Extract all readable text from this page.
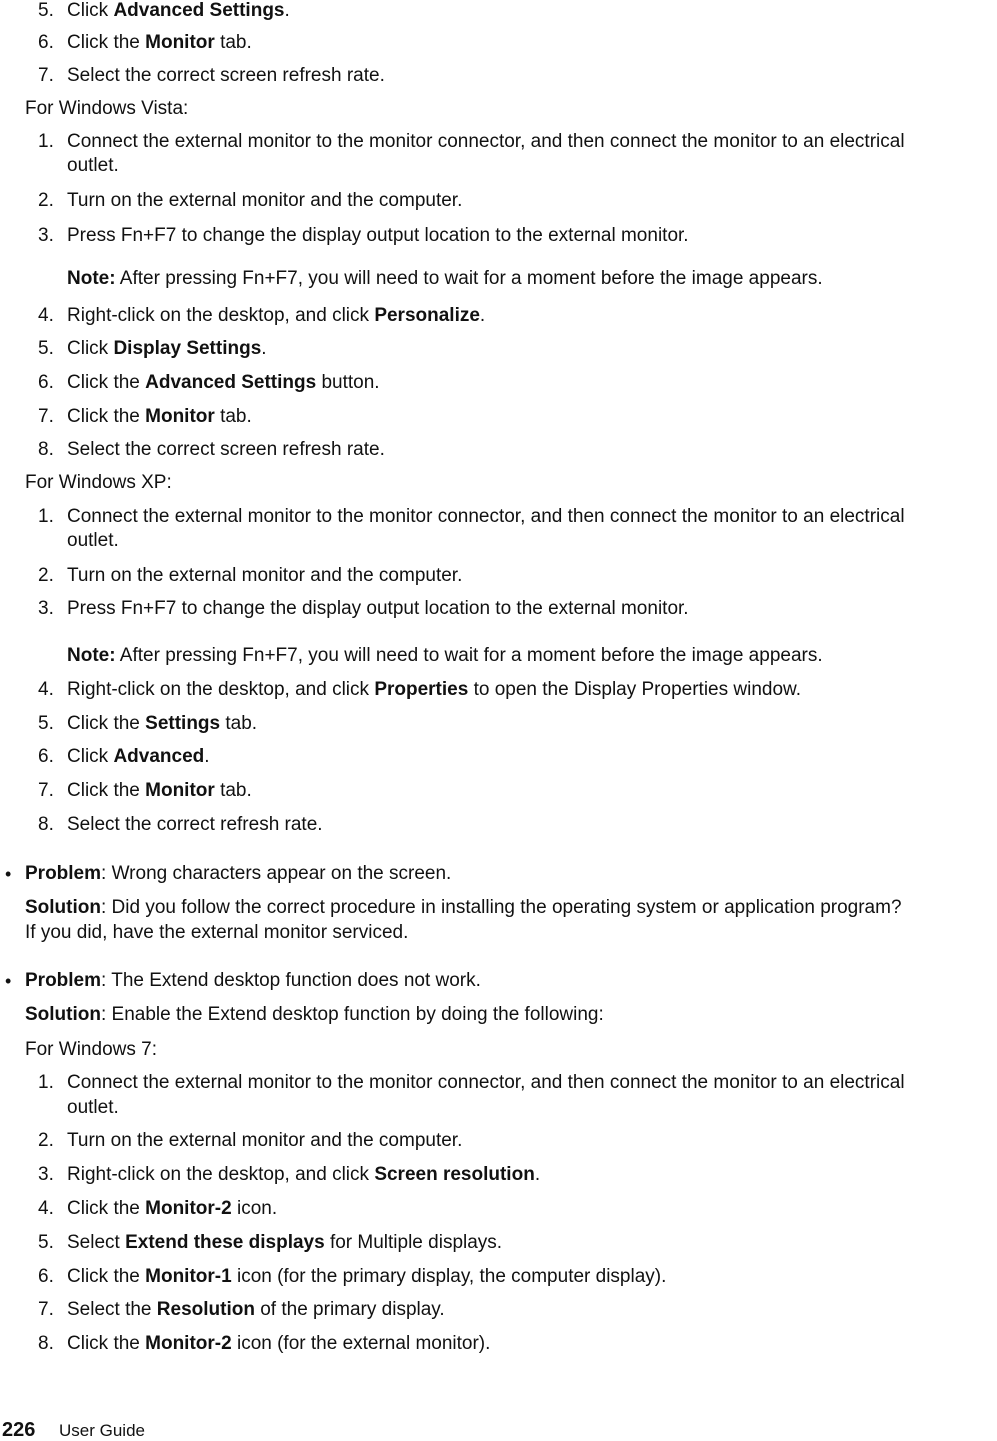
5. Click Advanced Settings.
6. Click the Monitor tab.
7. Select the correct screen refresh rate.
For Windows Vista:
1. Connect the external monitor to the monitor connector, and then connect the monitor to an electrical
outlet.
2. Turn on the external monitor and the computer.
3. Press Fn+F7 to change the display output location to the external monitor.
Note: After pressing Fn+F7, you will need to wait for a moment before the image appears.
4. Right-click on the desktop, and click Personalize.
5. Click Display Settings.
6. Click the Advanced Settings button.
7. Click the Monitor tab.
8. Select the correct screen refresh rate.
For Windows XP:
1. Connect the external monitor to the monitor connector, and then connect the monitor to an electrical
outlet.
2. Turn on the external monitor and the computer.
3. Press Fn+F7 to change the display output location to the external monitor.
Note: After pressing Fn+F7, you will need to wait for a moment before the image appears.
4. Right-click on the desktop, and click Properties to open the Display Properties window.
5. Click the Settings tab.
6. Click Advanced.
7. Click the Monitor tab.
8. Select the correct refresh rate.
• Problem: Wrong characters appear on the screen.
Solution: Did you follow the correct procedure in installing the operating system or application program?
If you did, have the external monitor serviced.
• Problem: The Extend desktop function does not work.
Solution: Enable the Extend desktop function by doing the following:
For Windows 7:
1. Connect the external monitor to the monitor connector, and then connect the monitor to an electrical
outlet.
2. Turn on the external monitor and the computer.
3. Right-click on the desktop, and click Screen resolution.
4. Click the Monitor-2 icon.
5. Select Extend these displays for Multiple displays.
6. Click the Monitor-1 icon (for the primary display, the computer display).
7. Select the Resolution of the primary display.
8. Click the Monitor-2 icon (for the external monitor).
226 User Guide
